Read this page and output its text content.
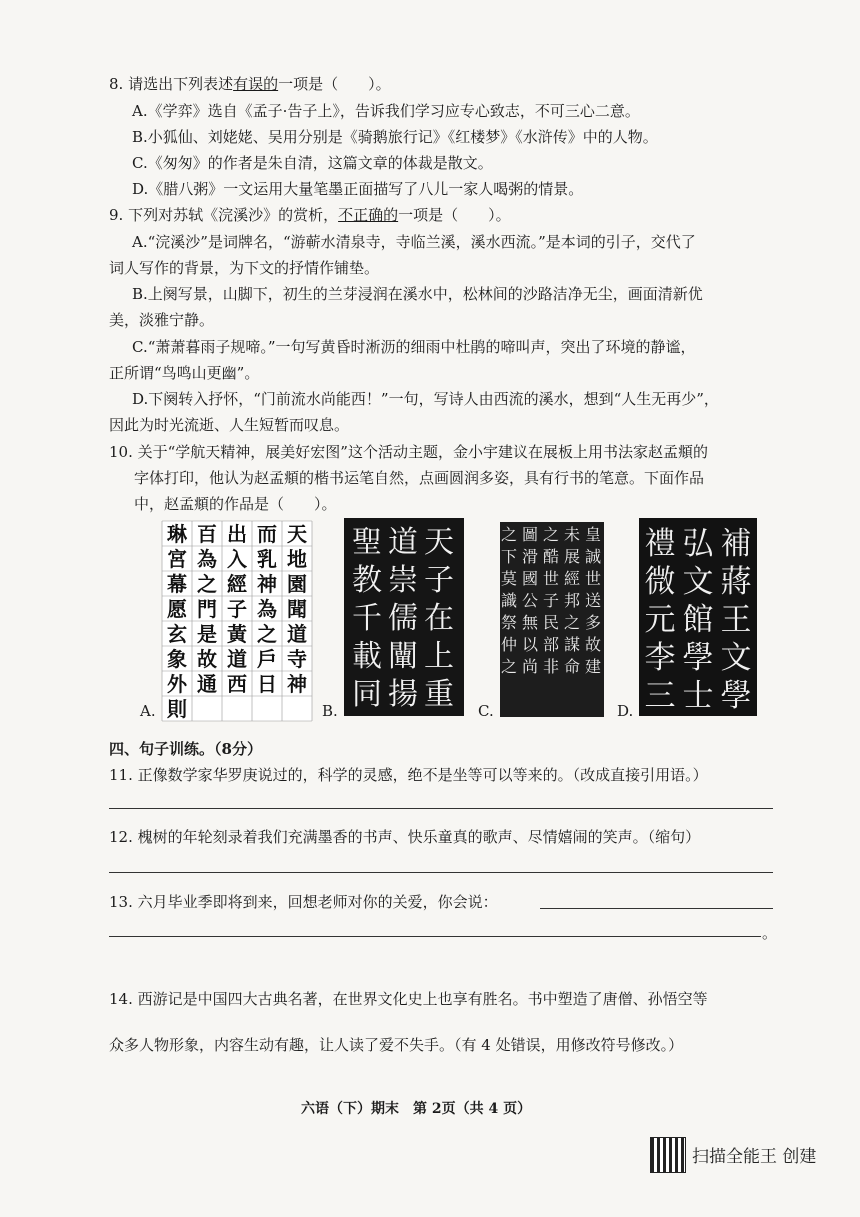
8. 请选出下列表述有误的一项是（　　）。
A.《学弈》选自《孟子·告子上》，告诉我们学习应专心致志，不可三心二意。
B.小狐仙、刘姥姥、吴用分别是《骑鹅旅行记》《红楼梦》《水浒传》中的人物。
C.《匆匆》的作者是朱自清，这篇文章的体裁是散文。
D.《腊八粥》一文运用大量笔墨正面描写了八儿一家人喝粥的情景。
9. 下列对苏轼《浣溪沙》的赏析，不正确的一项是（　　）。
A.“浣溪沙”是词牌名，“游蕲水清泉寺，寺临兰溪，溪水西流。”是本词的引子，交代了
词人写作的背景，为下文的抒情作铺垫。
B.上阕写景，山脚下，初生的兰芽浸润在溪水中，松林间的沙路洁净无尘，画面清新优
美，淡雅宁静。
C.“萧萧暮雨子规啼。”一句写黄昏时淅沥的细雨中杜鹃的啼叫声，突出了环境的静谧，
正所谓“鸟鸣山更幽”。
D.下阕转入抒怀，“门前流水尚能西！”一句，写诗人由西流的溪水，想到“人生无再少”，
因此为时光流逝、人生短暂而叹息。
10. 关于“学航天精神，展美好宏图”这个活动主题，金小宇建议在展板上用书法家赵孟頫的
字体打印，他认为赵孟頫的楷书运笔自然，点画圆润多姿，具有行书的笔意。下面作品
中，赵孟頫的作品是（　　）。
天
地
園
聞
道
寺
神
而
乳
神
為
之
戶
日
出
入
經
子
黃
道
西
百
為
之
門
是
故
通
琳
宮
幕
愿
玄
象
外
則
A.
天
子
在
上
重
道
崇
儒
闡
揚
聖
教
千
載
同
B.
皇
誠
世
送
多
故
建
未
展
經
邦
之
謀
命
之
酷
世
子
民
部
非
圖
滑
國
公
無
以
尚
之
下
莫
識
祭
仲
之
C.
補
蔣
王
文
學
弘
文
館
學
士
禮
微
元
李
三
D.
四、句子训练。（8分）
11. 正像数学家华罗庚说过的，科学的灵感，绝不是坐等可以等来的。（改成直接引用语。）
12. 槐树的年轮刻录着我们充满墨香的书声、快乐童真的歌声、尽情嬉闹的笑声。（缩句）
13. 六月毕业季即将到来，回想老师对你的关爱，你会说：
。
14. 西游记是中国四大古典名著，在世界文化史上也享有胜名。书中塑造了唐僧、孙悟空等
众多人物形象，内容生动有趣，让人读了爱不失手。（有 4 处错误，用修改符号修改。）
六语（下）期末　第 2页（共 4 页）
扫描全能王 创建
